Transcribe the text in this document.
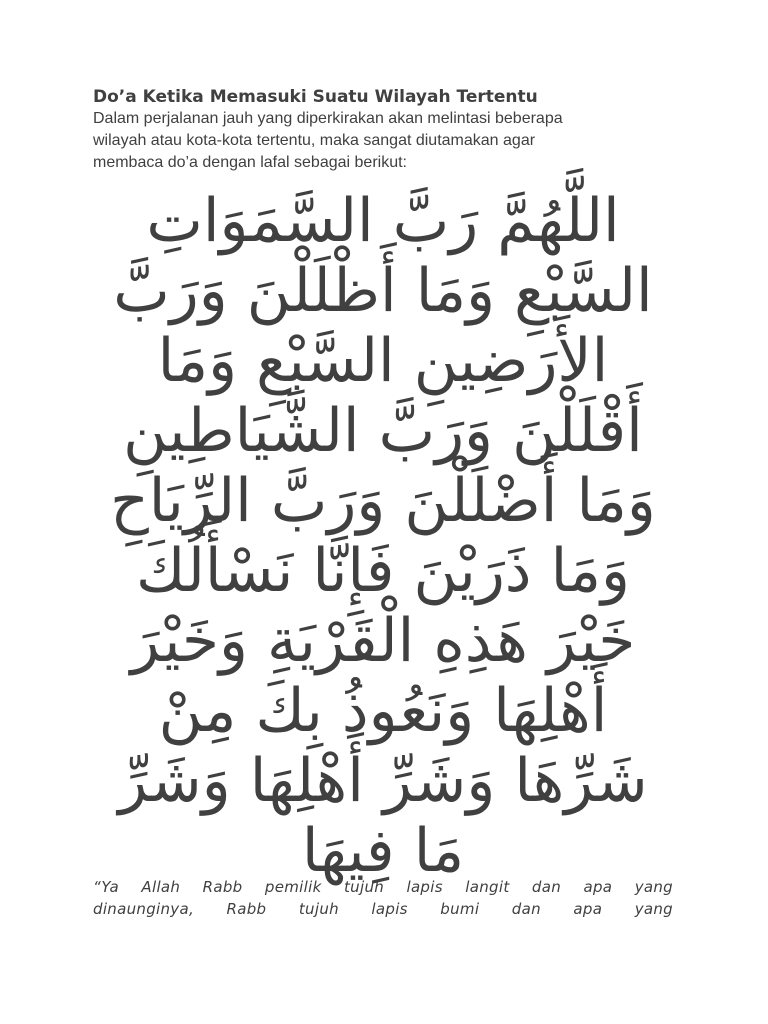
Do’a Ketika Memasuki Suatu Wilayah Tertentu

Dalam perjalanan jauh yang diperkirakan akan melintasi beberapa
wilayah atau kota-kota tertentu, maka sangat diutamakan agar
membaca do’a dengan lafal sebagai berikut:

اللَّهُمَّ رَبَّ السَّمَوَاتِ
السَّبْعِ وَمَا أَظْلَلْنَ وَرَبَّ
الأَرَضِينِ السَّبْعِ وَمَا
أَقْلَلْنَ وَرَبَّ الشَّيَاطِينِ
وَمَا أَضْلَلْنَ وَرَبَّ الرِّيَاحِ
وَمَا ذَرَيْنَ فَإِنَّا نَسْأَلُكَ
خَيْرَ هَذِهِ الْقَرْيَةِ وَخَيْرَ
أَهْلِهَا وَنَعُوذُ بِكَ مِنْ
شَرِّهَا وَشَرِّ أَهْلِهَا وَشَرِّ
مَا فِيهَا

“Ya Allah Rabb pemilik tujuh lapis langit dan apa yang
dinaunginya, Rabb tujuh lapis bumi dan apa yang
